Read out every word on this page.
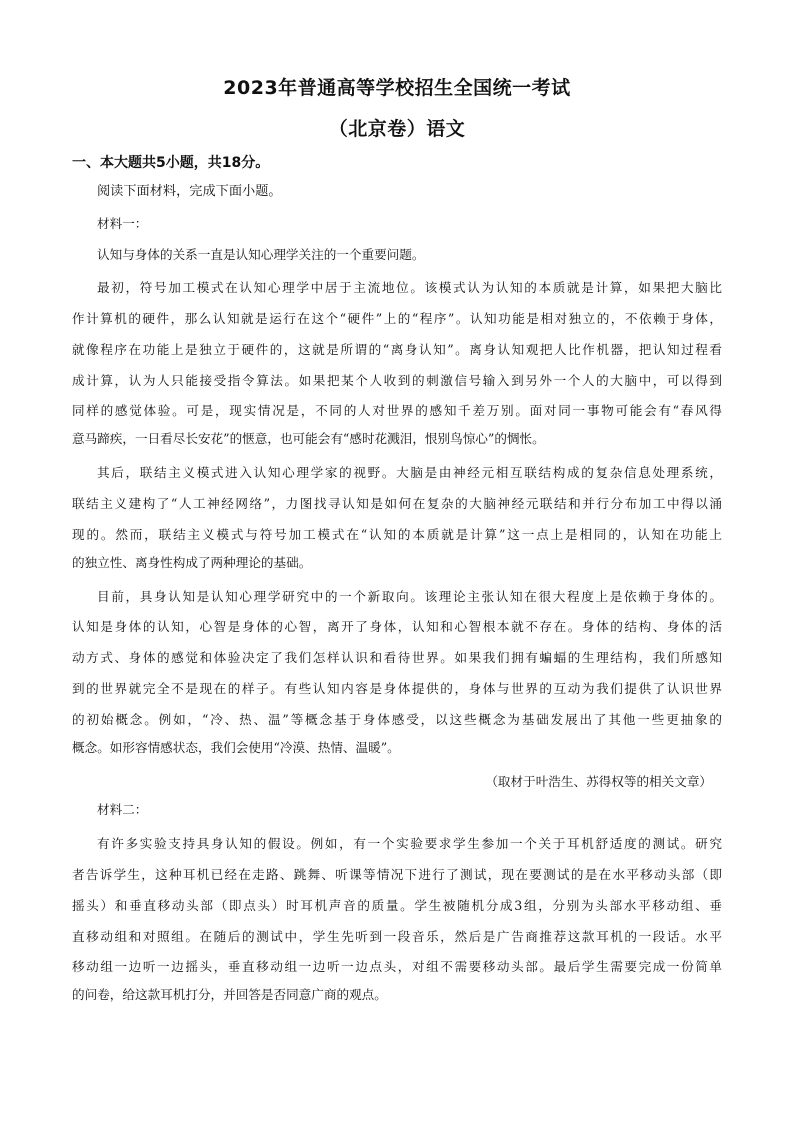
2023年普通高等学校招生全国统一考试
（北京卷）语文
一、本大题共5小题，共18分。
阅读下面材料，完成下面小题。
材料一：
认知与身体的关系一直是认知心理学关注的一个重要问题。
最初，符号加工模式在认知心理学中居于主流地位。该模式认为认知的本质就是计算，如果把大脑比
作计算机的硬件，那么认知就是运行在这个“硬件”上的“程序”。认知功能是相对独立的，不依赖于身体，
就像程序在功能上是独立于硬件的，这就是所谓的“离身认知”。离身认知观把人比作机器，把认知过程看
成计算，认为人只能接受指令算法。如果把某个人收到的刺激信号输入到另外一个人的大脑中，可以得到
同样的感觉体验。可是，现实情况是，不同的人对世界的感知千差万别。面对同一事物可能会有“春风得
意马蹄疾，一日看尽长安花”的惬意，也可能会有“感时花溅泪，恨别鸟惊心”的惆怅。
其后，联结主义模式进入认知心理学家的视野。大脑是由神经元相互联结构成的复杂信息处理系统，
联结主义建构了“人工神经网络”，力图找寻认知是如何在复杂的大脑神经元联结和并行分布加工中得以涌
现的。然而，联结主义模式与符号加工模式在“认知的本质就是计算”这一点上是相同的，认知在功能上
的独立性、离身性构成了两种理论的基础。
目前，具身认知是认知心理学研究中的一个新取向。该理论主张认知在很大程度上是依赖于身体的。
认知是身体的认知，心智是身体的心智，离开了身体，认知和心智根本就不存在。身体的结构、身体的活
动方式、身体的感觉和体验决定了我们怎样认识和看待世界。如果我们拥有蝙蝠的生理结构，我们所感知
到的世界就完全不是现在的样子。有些认知内容是身体提供的，身体与世界的互动为我们提供了认识世界
的初始概念。例如，“冷、热、温”等概念基于身体感受，以这些概念为基础发展出了其他一些更抽象的
概念。如形容情感状态，我们会使用“冷漠、热情、温暖”。
（取材于叶浩生、苏得权等的相关文章）
材料二：
有许多实验支持具身认知的假设。例如，有一个实验要求学生参加一个关于耳机舒适度的测试。研究
者告诉学生，这种耳机已经在走路、跳舞、听课等情况下进行了测试，现在要测试的是在水平移动头部（即
摇头）和垂直移动头部（即点头）时耳机声音的质量。学生被随机分成3组，分别为头部水平移动组、垂
直移动组和对照组。在随后的测试中，学生先听到一段音乐，然后是广告商推荐这款耳机的一段话。水平
移动组一边听一边摇头，垂直移动组一边听一边点头，对组不需要移动头部。最后学生需要完成一份简单
的问卷，给这款耳机打分，并回答是否同意广商的观点。
